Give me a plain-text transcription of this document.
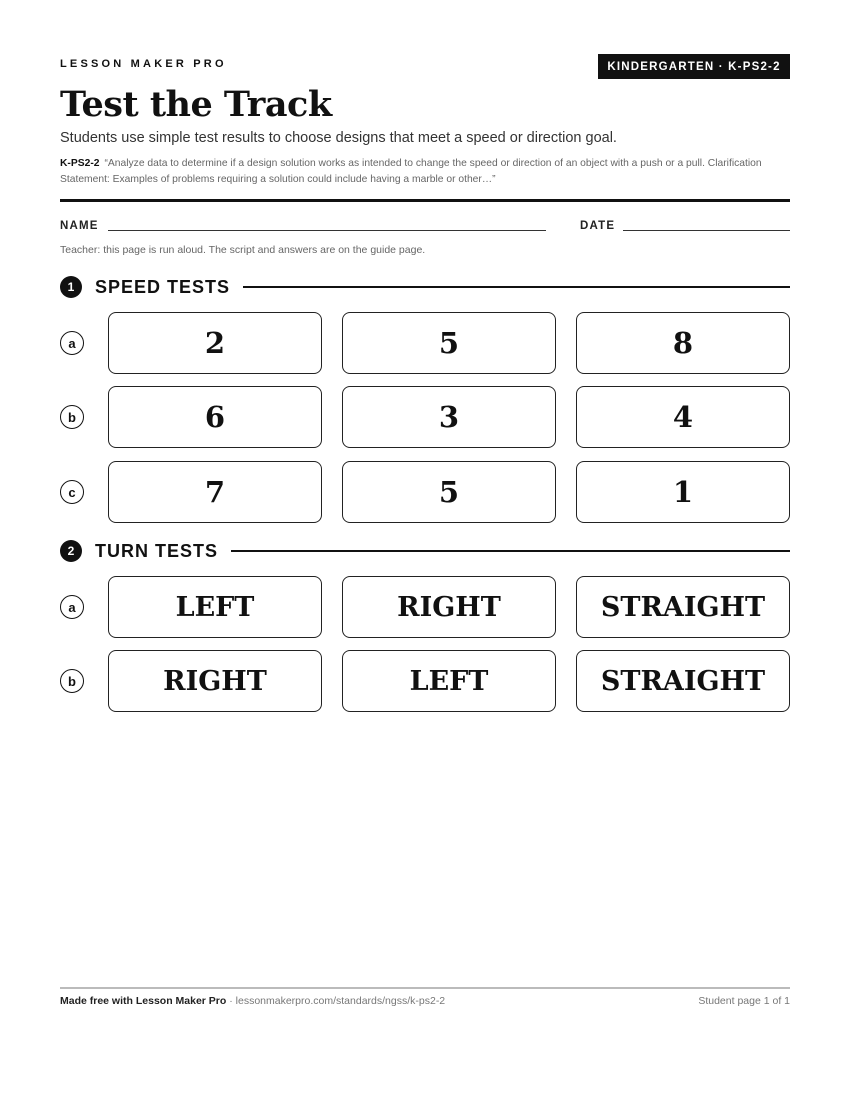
LESSON MAKER PRO	KINDERGARTEN · K-PS2-2
Test the Track
Students use simple test results to choose designs that meet a speed or direction goal.
K-PS2-2 “Analyze data to determine if a design solution works as intended to change the speed or direction of an object with a push or a pull. Clarification Statement: Examples of problems requiring a solution could include having a marble or other…”
NAME	DATE
Teacher: this page is run aloud. The script and answers are on the guide page.
1	SPEED TESTS
a	2	5	8
b	6	3	4
c	7	5	1
2	TURN TESTS
a	LEFT	RIGHT	STRAIGHT
b	RIGHT	LEFT	STRAIGHT
Made free with Lesson Maker Pro · lessonmakerpro.com/standards/ngss/k-ps2-2	Student page 1 of 1
